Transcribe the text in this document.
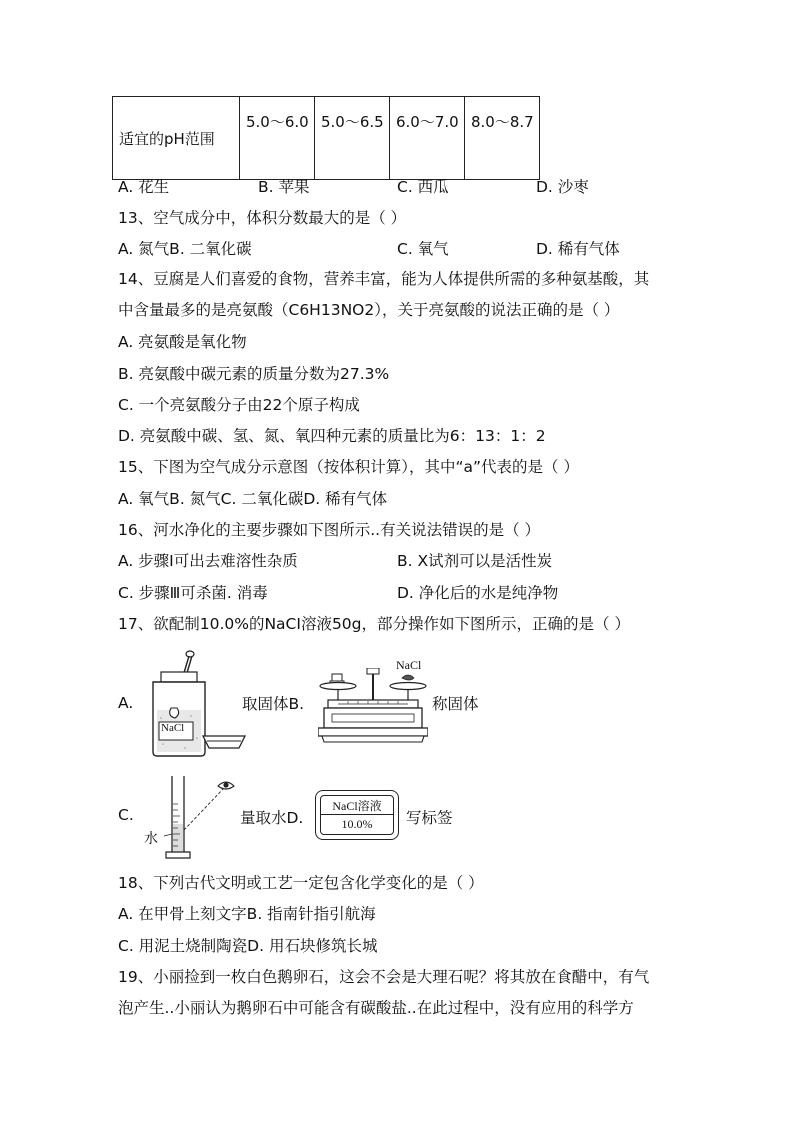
适宜的pH范围	5.0～6.0	5.0～6.5	6.0～7.0	8.0～8.7
A. 花生	B. 苹果	C. 西瓜	D. 沙枣
13、空气成分中，体积分数最大的是（ ）
A. 氮气B. 二氧化碳	C. 氧气	D. 稀有气体
14、豆腐是人们喜爱的食物，营养丰富，能为人体提供所需的多种氨基酸，其
中含量最多的是亮氨酸（C6H13NO2），关于亮氨酸的说法正确的是（ ）
A. 亮氨酸是氧化物
B. 亮氨酸中碳元素的质量分数为27.3%
C. 一个亮氨酸分子由22个原子构成
D. 亮氨酸中碳、氢、氮、氧四种元素的质量比为6：13：1：2
15、下图为空气成分示意图（按体积计算），其中“a”代表的是（ ）
A. 氧气B. 氮气C. 二氧化碳D. 稀有气体
16、河水净化的主要步骤如下图所示..有关说法错误的是（ ）
A. 步骤Ⅰ可出去难溶性杂质	B. X试剂可以是活性炭
C. 步骤Ⅲ可杀菌. 消毒	D. 净化后的水是纯净物
17、欲配制10.0%的NaCI溶液50g，部分操作如下图所示，正确的是（ ）
A.
NaCl
取固体B.
NaCl
称固体
C.
水
量取水D.
NaCl溶液
10.0%	写标签
18、下列古代文明或工艺一定包含化学变化的是（ ）
A. 在甲骨上刻文字B. 指南针指引航海
C. 用泥土烧制陶瓷D. 用石块修筑长城
19、小丽捡到一枚白色鹅卵石，这会不会是大理石呢？将其放在食醋中，有气
泡产生..小丽认为鹅卵石中可能含有碳酸盐..在此过程中，没有应用的科学方
